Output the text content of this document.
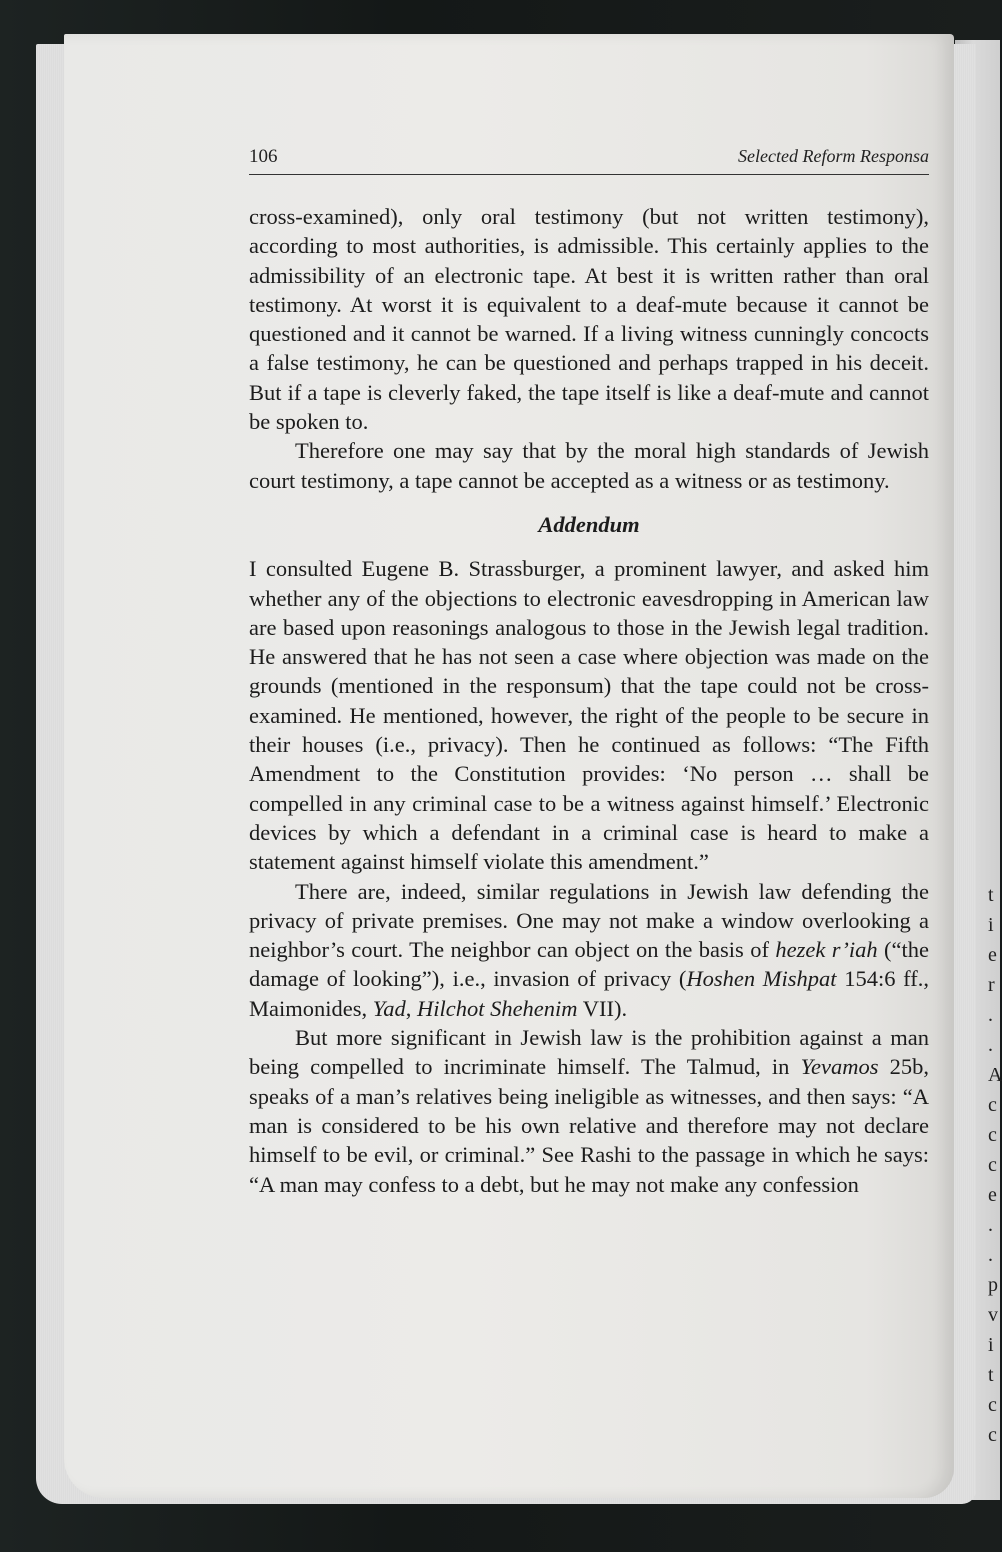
t i e r . . A c c c e . . p v i t c c
106	Selected Reform Responsa

cross-examined), only oral testimony (but not written testimony), according to most authorities, is admissible. This certainly applies to the admissibility of an electronic tape. At best it is written rather than oral testimony. At worst it is equivalent to a deaf-mute because it cannot be questioned and it cannot be warned. If a living witness cunningly concocts a false testimony, he can be questioned and perhaps trapped in his deceit. But if a tape is cleverly faked, the tape itself is like a deaf-mute and cannot be spoken to.

Therefore one may say that by the moral high standards of Jewish court testimony, a tape cannot be accepted as a witness or as testimony.

Addendum

I consulted Eugene B. Strassburger, a prominent lawyer, and asked him whether any of the objections to electronic eavesdropping in American law are based upon reasonings analogous to those in the Jewish legal tradition. He answered that he has not seen a case where objection was made on the grounds (mentioned in the responsum) that the tape could not be cross-examined. He mentioned, however, the right of the people to be secure in their houses (i.e., privacy). Then he continued as follows: “The Fifth Amendment to the Constitution provides: ‘No person … shall be compelled in any criminal case to be a witness against himself.’ Electronic devices by which a defendant in a criminal case is heard to make a statement against himself violate this amendment.”

There are, indeed, similar regulations in Jewish law defending the privacy of private premises. One may not make a window overlooking a neighbor’s court. The neighbor can object on the basis of hezek r’iah (“the damage of looking”), i.e., invasion of privacy (Hoshen Mishpat 154:6 ff., Maimonides, Yad, Hilchot Shehenim VII).

But more significant in Jewish law is the prohibition against a man being compelled to incriminate himself. The Talmud, in Yevamos 25b, speaks of a man’s relatives being ineligible as witnesses, and then says: “A man is considered to be his own relative and therefore may not declare himself to be evil, or criminal.” See Rashi to the passage in which he says: “A man may confess to a debt, but he may not make any confession
